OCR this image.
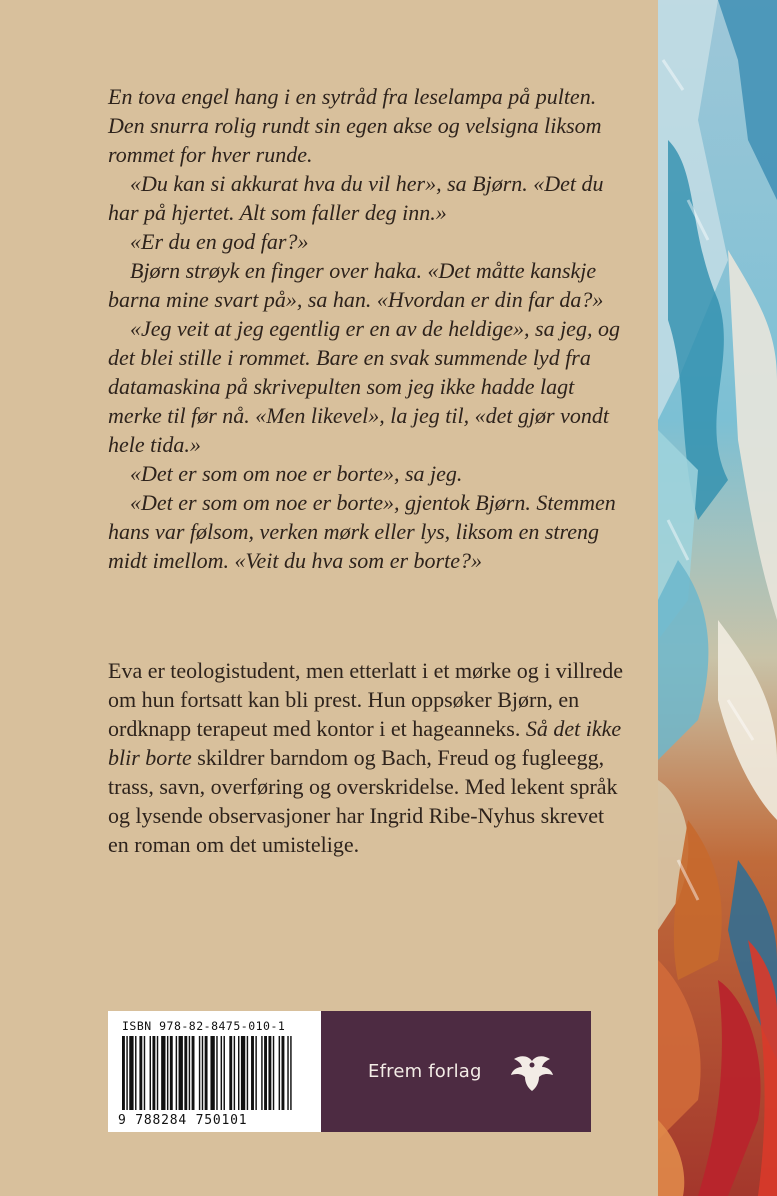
En tova engel hang i en sytråd fra leselampa på pulten. Den snurra rolig rundt sin egen akse og velsigna liksom rommet for hver runde.

«Du kan si akkurat hva du vil her», sa Bjørn. «Det du har på hjertet. Alt som faller deg inn.»

«Er du en god far?»

Bjørn strøyk en finger over haka. «Det måtte kanskje barna mine svart på», sa han. «Hvordan er din far da?»

«Jeg veit at jeg egentlig er en av de heldige», sa jeg, og det blei stille i rommet. Bare en svak summende lyd fra datamaskina på skrivepulten som jeg ikke hadde lagt merke til før nå. «Men likevel», la jeg til, «det gjør vondt hele tida.»

«Det er som om noe er borte», sa jeg.

«Det er som om noe er borte», gjentok Bjørn. Stemmen hans var følsom, verken mørk eller lys, liksom en streng midt imellom. «Veit du hva som er borte?»

Eva er teologistudent, men etterlatt i et mørke og i villrede om hun fortsatt kan bli prest. Hun oppsøker Bjørn, en ordknapp terapeut med kontor i et hageanneks. Så det ikke blir borte skildrer barndom og Bach, Freud og fugleegg, trass, savn, overføring og overskridelse. Med lekent språk og lysende observasjoner har Ingrid Ribe-Nyhus skrevet en roman om det umistelige.

ISBN 978-82-8475-010-1
9 788284 750101
Efrem forlag
